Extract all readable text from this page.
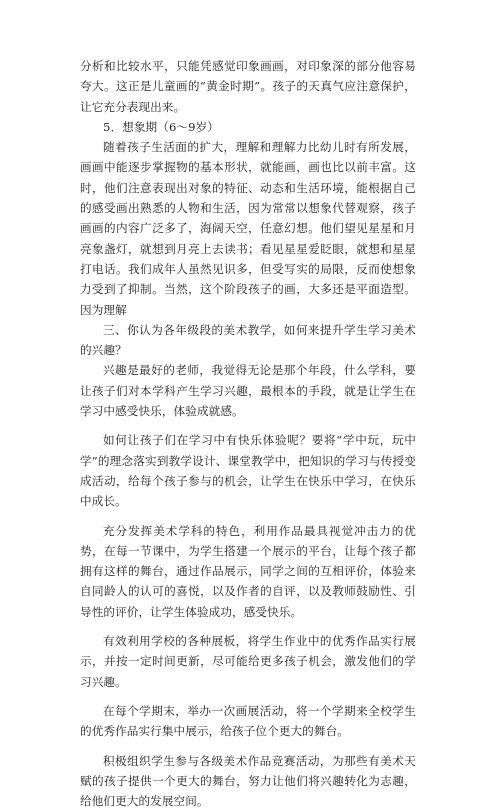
分析和比较水平，只能凭感觉印象画画，对印象深的部分他容易夸大。这正是儿童画的“黄金时期”。孩子的天真气应注意保护，让它充分表现出来。

5．想象期（6～9岁）

随着孩子生活面的扩大，理解和理解力比幼儿时有所发展，画画中能逐步掌握物的基本形状，就能画，画也比以前丰富。这时，他们注意表现出对象的特征、动态和生活环境，能根据自己的感受画出熟悉的人物和生活，因为常常以想象代替观察，孩子画画的内容广泛多了，海阔天空，任意幻想。他们望见星星和月亮象盏灯，就想到月亮上去读书；看见星星爱眨眼，就想和星星打电话。我们成年人虽然见识多，但受写实的局限，反而使想象力受到了抑制。当然，这个阶段孩子的画，大多还是平面造型。因为理解

三、你认为各年级段的美术教学，如何来提升学生学习美术的兴趣？

兴趣是最好的老师，我觉得无论是那个年段，什么学科，要让孩子们对本学科产生学习兴趣，最根本的手段，就是让学生在学习中感受快乐，体验成就感。

如何让孩子们在学习中有快乐体验呢？要将“学中玩，玩中学”的理念落实到教学设计、课堂教学中，把知识的学习与传授变成活动，给每个孩子参与的机会，让学生在快乐中学习，在快乐中成长。

充分发挥美术学科的特色，利用作品最具视觉冲击力的优势，在每一节课中，为学生搭建一个展示的平台，让每个孩子都拥有这样的舞台，通过作品展示，同学之间的互相评价，体验来自同龄人的认可的喜悦，以及作者的自评，以及教师鼓励性、引导性的评价，让学生体验成功，感受快乐。

有效利用学校的各种展板，将学生作业中的优秀作品实行展示，并按一定时间更新，尽可能给更多孩子机会，激发他们的学习兴趣。

在每个学期末，举办一次画展活动，将一个学期来全校学生的优秀作品实行集中展示，给孩子位个更大的舞台。

积极组织学生参与各级美术作品竞赛活动，为那些有美术天赋的孩子提供一个更大的舞台，努力让他们将兴趣转化为志趣，给他们更大的发展空间。
